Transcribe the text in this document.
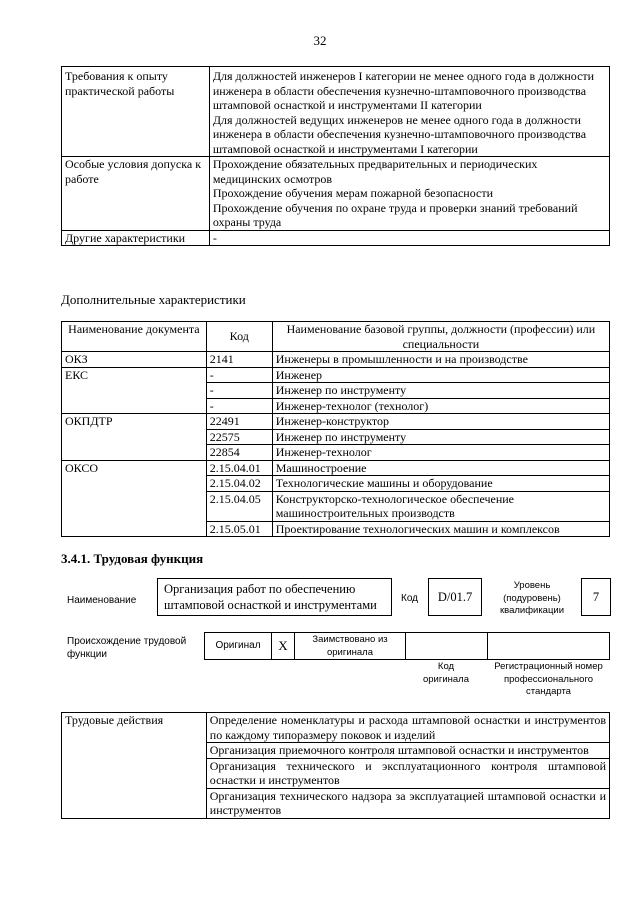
32
Требования к опыту практической работы	Для должностей инженеров I категории не менее одного года в должности инженера в области обеспечения кузнечно-штамповочного производства штамповой оснасткой и инструментами II категории
Для должностей ведущих инженеров не менее одного года в должности инженера в области обеспечения кузнечно-штамповочного производства штамповой оснасткой и инструментами I категории

Особые условия допуска к работе	Прохождение обязательных предварительных и периодических медицинских осмотров
Прохождение обучения мерам пожарной безопасности
Прохождение обучения по охране труда и проверки знаний требований охраны труда

Другие характеристики	-
Дополнительные характеристики
Наименование документа	Код	Наименование базовой группы, должности (профессии) или специальности
ОКЗ	2141	Инженеры в промышленности и на производстве
ЕКС	-	Инженер
	-	Инженер по инструменту
	-	Инженер-технолог (технолог)
ОКПДТР	22491	Инженер-конструктор
	22575	Инженер по инструменту
	22854	Инженер-технолог
ОКСО	2.15.04.01	Машиностроение
	2.15.04.02	Технологические машины и оборудование
	2.15.04.05	Конструкторско-технологическое обеспечение машиностроительных производств
	2.15.05.01	Проектирование технологических машин и комплексов
3.4.1. Трудовая функция
Наименование
Организация работ по обеспечению штамповой оснасткой и инструментами	Код	D/01.7
Уровень (подуровень) квалификации
7
Происхождение трудовой функции
Оригинал	X	Заимствовано из оригинала
Код оригинала
Регистрационный номер профессионального стандарта
Трудовые действия	Определение номенклатуры и расхода штамповой оснастки и инструментов по каждому типоразмеру поковок и изделий
Организация приемочного контроля штамповой оснастки и инструментов
Организация технического и эксплуатационного контроля штамповой оснастки и инструментов
Организация технического надзора за эксплуатацией штамповой оснастки и инструментов
